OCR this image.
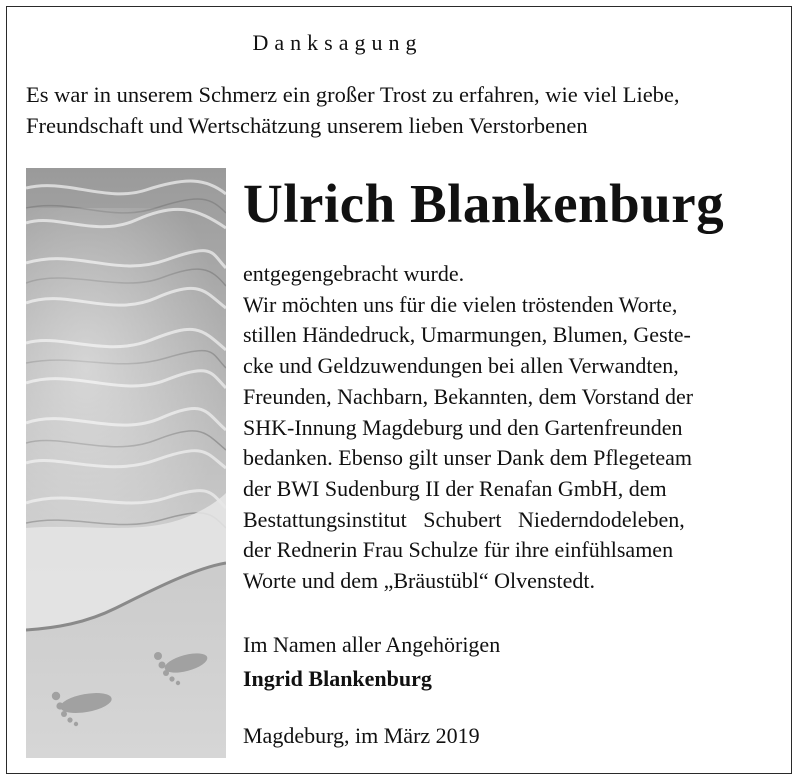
Danksagung
Es war in unserem Schmerz ein großer Trost zu erfahren, wie viel Liebe,
Freundschaft und Wertschätzung unserem lieben Verstorbenen
Ulrich Blankenburg
entgegengebracht wurde.
Wir möchten uns für die vielen tröstenden Worte,
stillen Händedruck, Umarmungen, Blumen, Geste-
cke und Geldzuwendungen bei allen Verwandten,
Freunden, Nachbarn, Bekannten, dem Vorstand der
SHK-Innung Magdeburg und den Gartenfreunden
bedanken. Ebenso gilt unser Dank dem Pflegeteam
der BWI Sudenburg II der Renafan GmbH, dem
Bestattungsinstitut   Schubert   Niederndodeleben,
der Rednerin Frau Schulze für ihre einfühlsamen
Worte und dem „Bräustübl“ Olvenstedt.
Im Namen aller Angehörigen
Ingrid Blankenburg
Magdeburg, im März 2019
